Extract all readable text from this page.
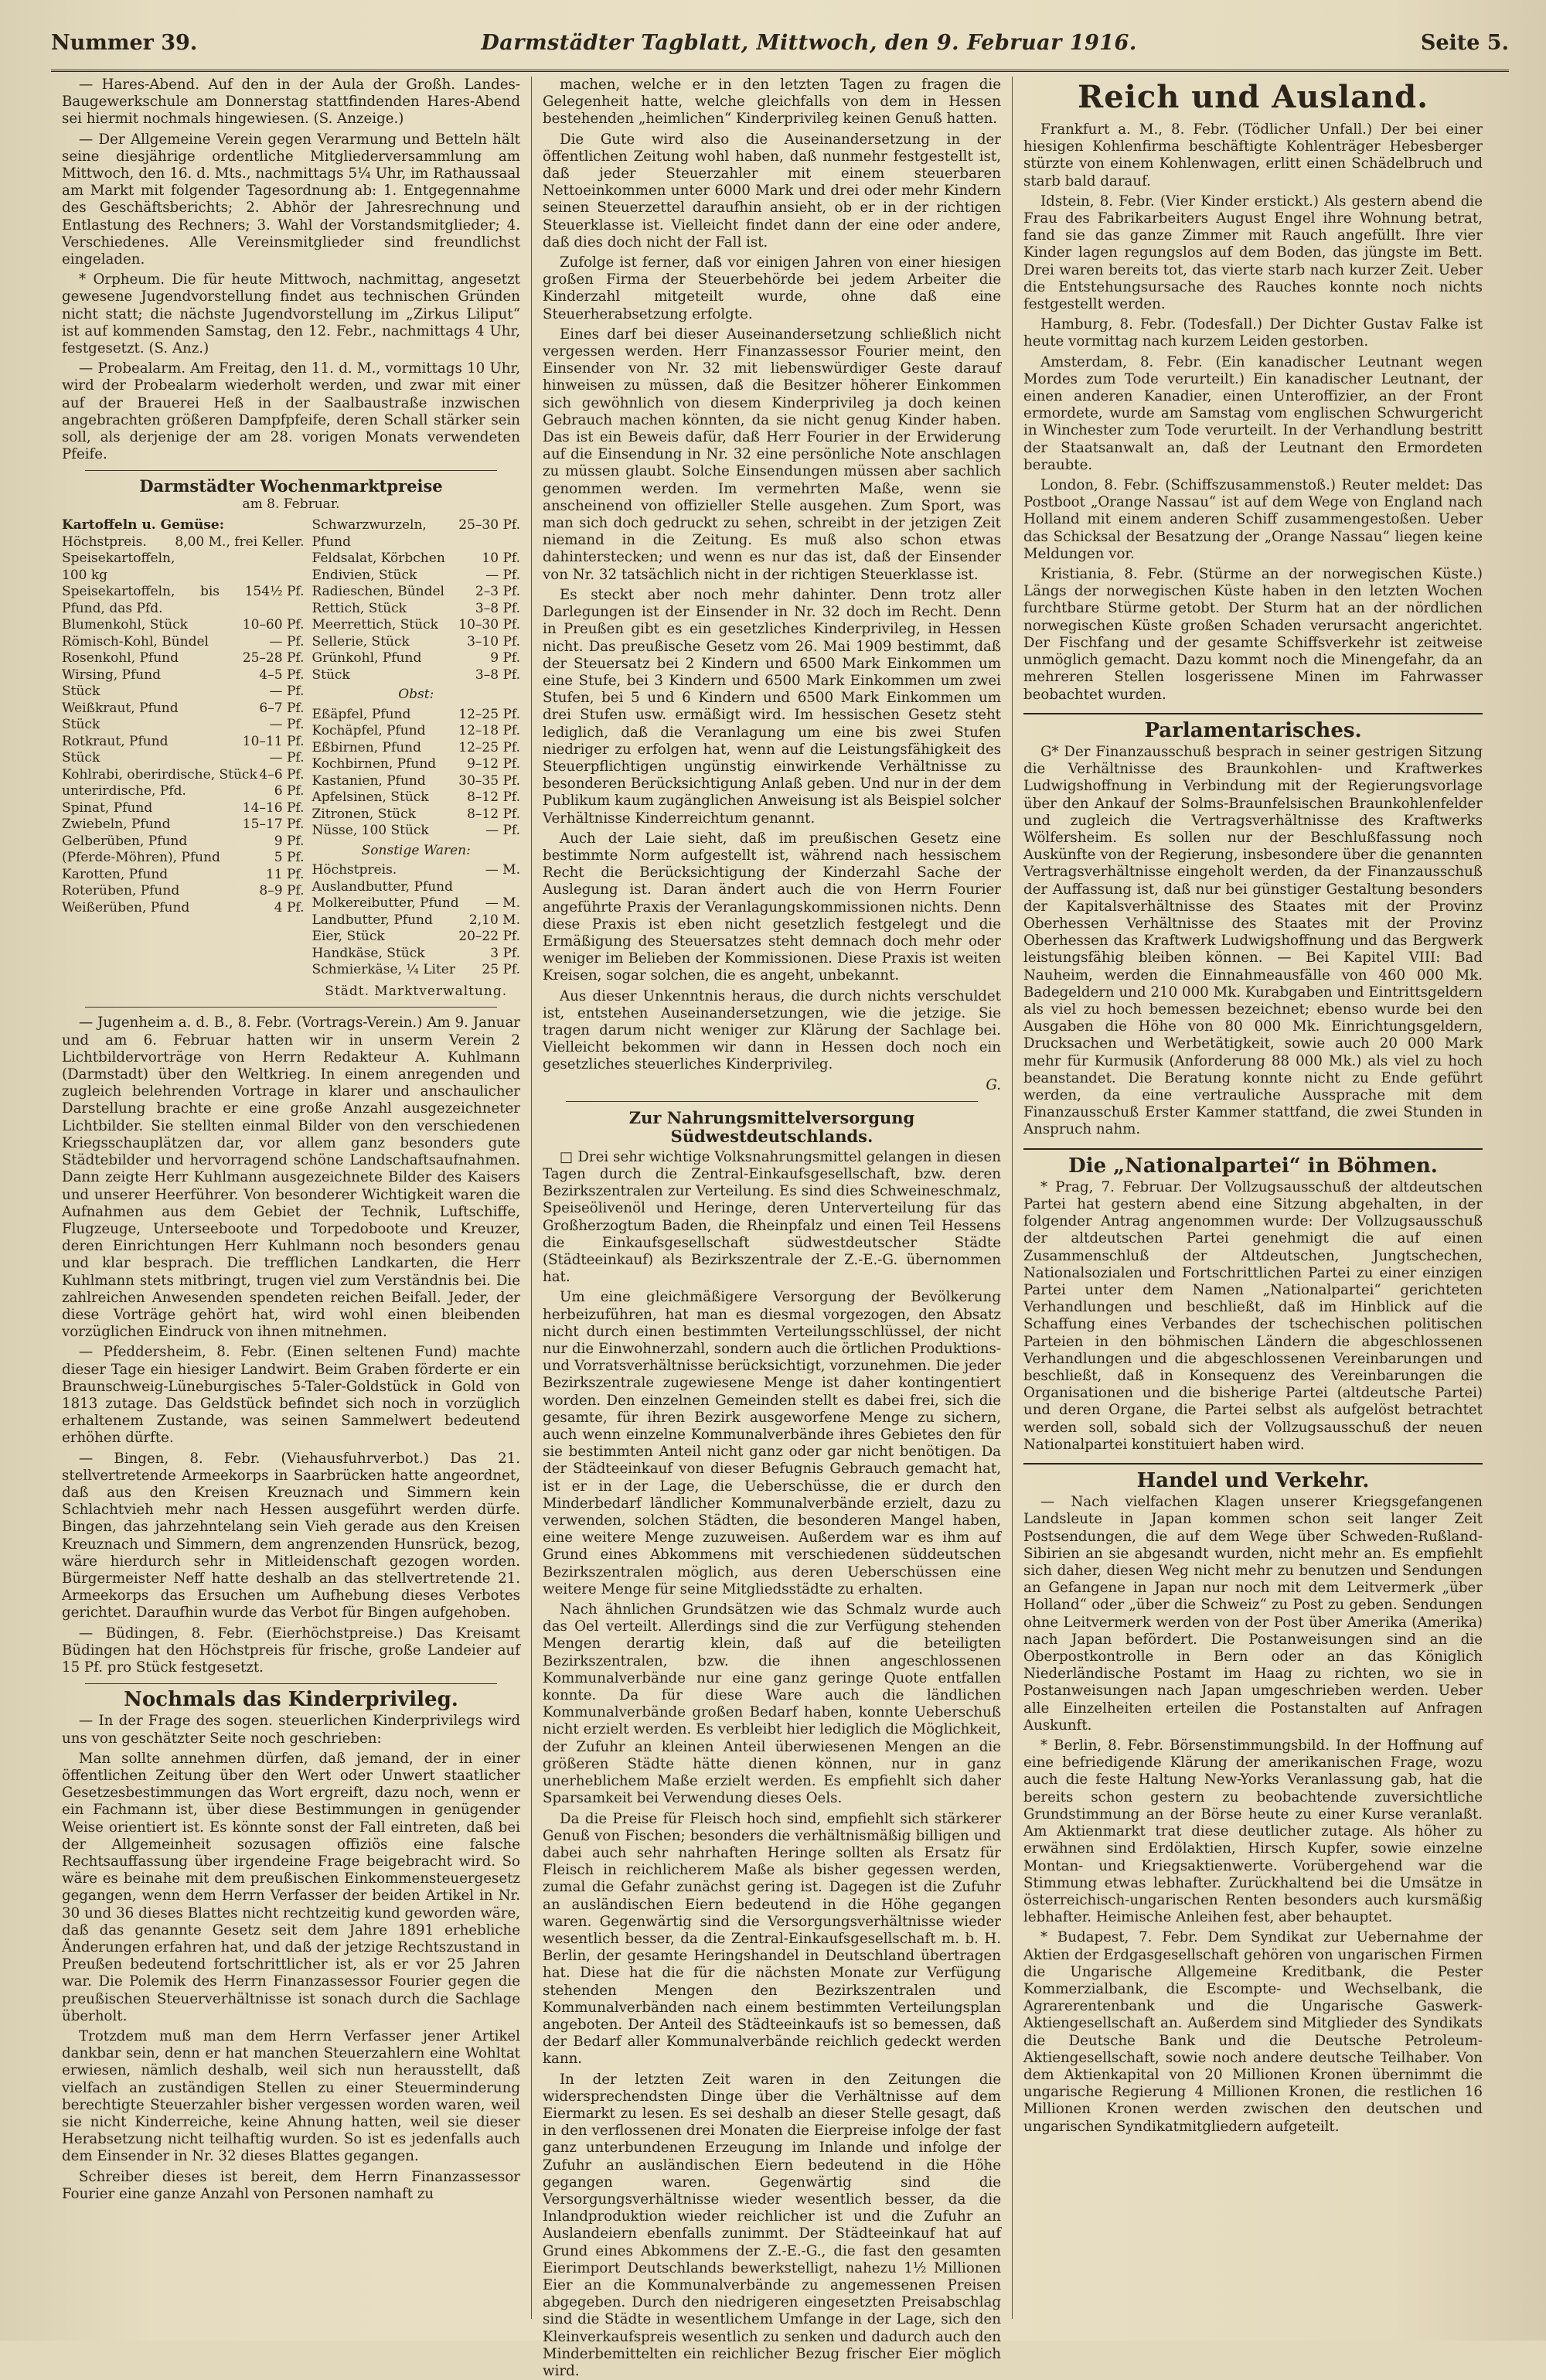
Nummer 39.	Darmstädter Tagblatt, Mittwoch, den 9. Februar 1916.	Seite 5.

— Hares-Abend. Auf den in der Aula der Großh. Landes-Baugewerkschule am Donnerstag stattfindenden Hares-Abend sei hiermit nochmals hingewiesen. (S. Anzeige.)

— Der Allgemeine Verein gegen Verarmung und Betteln hält seine diesjährige ordentliche Mitgliederversammlung am Mittwoch, den 16. d. Mts., nachmittags 5¼ Uhr, im Rathaussaal am Markt mit folgender Tagesordnung ab: 1. Entgegennahme des Geschäftsberichts; 2. Abhör der Jahresrechnung und Entlastung des Rechners; 3. Wahl der Vorstandsmitglieder; 4. Verschiedenes. Alle Vereinsmitglieder sind freundlichst eingeladen.

* Orpheum. Die für heute Mittwoch, nachmittag, angesetzt gewesene Jugendvorstellung findet aus technischen Gründen nicht statt; die nächste Jugendvorstellung im „Zirkus Liliput“ ist auf kommenden Samstag, den 12. Febr., nachmittags 4 Uhr, festgesetzt. (S. Anz.)

— Probealarm. Am Freitag, den 11. d. M., vormittags 10 Uhr, wird der Probealarm wiederholt werden, und zwar mit einer auf der Brauerei Heß in der Saalbaustraße inzwischen angebrachten größeren Dampfpfeife, deren Schall stärker sein soll, als derjenige der am 28. vorigen Monats verwendeten Pfeife.

Darmstädter Wochenmarktpreise
am 8. Februar.
Kartoffeln u. Gemüse:
Höchstpreis. Speisekartoffeln, 100 kg
8,00 M., frei Keller.
Speisekartoffeln, bis 15 Pfund, das Pfd.
4½ Pf.
Blumenkohl, Stück	10–60 Pf.
Römisch-Kohl, Bündel	— Pf.
Rosenkohl, Pfund	25–28 Pf.
Wirsing, Pfund	4–5 Pf.
Stück	— Pf.
Weißkraut, Pfund	6–7 Pf.
Stück	— Pf.
Rotkraut, Pfund	10–11 Pf.
Stück	— Pf.
Kohlrabi, oberirdische, Stück 4–6 Pf.
unterirdische, Pfd.	6 Pf.
Spinat, Pfund	14–16 Pf.
Zwiebeln, Pfund	15–17 Pf.
Gelberüben, Pfund	9 Pf.
(Pferde-Möhren), Pfund	5 Pf.
Karotten, Pfund	11 Pf.
Roterüben, Pfund	8–9 Pf.
Weißerüben, Pfund	4 Pf.
Schwarzwurzeln, Pfund
25–30 Pf.
Feldsalat, Körbchen	10 Pf.
Endivien, Stück	— Pf.
Radieschen, Bündel 2–3 Pf.
Rettich, Stück	3–8 Pf.
Meerrettich, Stück 10–30 Pf.
Sellerie, Stück	3–10 Pf.
Grünkohl, Pfund	9 Pf.
Stück	3–8 Pf.
Obst:
Eßäpfel, Pfund	12–25 Pf.
Kochäpfel, Pfund	12–18 Pf.
Eßbirnen, Pfund	12–25 Pf.
Kochbirnen, Pfund 9–12 Pf.
Kastanien, Pfund	30–35 Pf.
Apfelsinen, Stück	8–12 Pf.
Zitronen, Stück	8–12 Pf.
Nüsse, 100 Stück	— Pf.
Sonstige Waren:
Höchstpreis. Auslandbutter, Pfund
— M.
Molkereibutter, Pfund — M.
Landbutter, Pfund	2,10 M.
Eier, Stück	20–22 Pf.
Handkäse, Stück	3 Pf.
Schmierkäse, ¼ Liter 25 Pf.
Städt. Marktverwaltung.

— Jugenheim a. d. B., 8. Febr. (Vortrags-Verein.) Am 9. Januar und am 6. Februar hatten wir in unserm Verein 2 Lichtbildervorträge von Herrn Redakteur A. Kuhlmann (Darmstadt) über den Weltkrieg. In einem anregenden und zugleich belehrenden Vortrage in klarer und anschaulicher Darstellung brachte er eine große Anzahl ausgezeichneter Lichtbilder. Sie stellten einmal Bilder von den verschiedenen Kriegsschauplätzen dar, vor allem ganz besonders gute Städtebilder und hervorragend schöne Landschaftsaufnahmen. Dann zeigte Herr Kuhlmann ausgezeichnete Bilder des Kaisers und unserer Heerführer. Von besonderer Wichtigkeit waren die Aufnahmen aus dem Gebiet der Technik, Luftschiffe, Flugzeuge, Unterseeboote und Torpedoboote und Kreuzer, deren Einrichtungen Herr Kuhlmann noch besonders genau und klar besprach. Die trefflichen Landkarten, die Herr Kuhlmann stets mitbringt, trugen viel zum Verständnis bei. Die zahlreichen Anwesenden spendeten reichen Beifall. Jeder, der diese Vorträge gehört hat, wird wohl einen bleibenden vorzüglichen Eindruck von ihnen mitnehmen.

— Pfeddersheim, 8. Febr. (Einen seltenen Fund) machte dieser Tage ein hiesiger Landwirt. Beim Graben förderte er ein Braunschweig-Lüneburgisches 5-Taler-Goldstück in Gold von 1813 zutage. Das Geldstück befindet sich noch in vorzüglich erhaltenem Zustande, was seinen Sammelwert bedeutend erhöhen dürfte.

— Bingen, 8. Febr. (Viehausfuhrverbot.) Das 21. stellvertretende Armeekorps in Saarbrücken hatte angeordnet, daß aus den Kreisen Kreuznach und Simmern kein Schlachtvieh mehr nach Hessen ausgeführt werden dürfe. Bingen, das jahrzehntelang sein Vieh gerade aus den Kreisen Kreuznach und Simmern, dem angrenzenden Hunsrück, bezog, wäre hierdurch sehr in Mitleidenschaft gezogen worden. Bürgermeister Neff hatte deshalb an das stellvertretende 21. Armeekorps das Ersuchen um Aufhebung dieses Verbotes gerichtet. Daraufhin wurde das Verbot für Bingen aufgehoben.

— Büdingen, 8. Febr. (Eierhöchstpreise.) Das Kreisamt Büdingen hat den Höchstpreis für frische, große Landeier auf 15 Pf. pro Stück festgesetzt.

Nochmals das Kinderprivileg.

— In der Frage des sogen. steuerlichen Kinderprivilegs wird uns von geschätzter Seite noch geschrieben:

Man sollte annehmen dürfen, daß jemand, der in einer öffentlichen Zeitung über den Wert oder Unwert staatlicher Gesetzesbestimmungen das Wort ergreift, dazu noch, wenn er ein Fachmann ist, über diese Bestimmungen in genügender Weise orientiert ist. Es könnte sonst der Fall eintreten, daß bei der Allgemeinheit sozusagen offiziös eine falsche Rechtsauffassung über irgendeine Frage beigebracht wird. So wäre es beinahe mit dem preußischen Einkommensteuergesetz gegangen, wenn dem Herrn Verfasser der beiden Artikel in Nr. 30 und 36 dieses Blattes nicht rechtzeitig kund geworden wäre, daß das genannte Gesetz seit dem Jahre 1891 erhebliche Änderungen erfahren hat, und daß der jetzige Rechtszustand in Preußen bedeutend fortschrittlicher ist, als er vor 25 Jahren war. Die Polemik des Herrn Finanzassessor Fourier gegen die preußischen Steuerverhältnisse ist sonach durch die Sachlage überholt.

Trotzdem muß man dem Herrn Verfasser jener Artikel dankbar sein, denn er hat manchen Steuerzahlern eine Wohltat erwiesen, nämlich deshalb, weil sich nun herausstellt, daß vielfach an zuständigen Stellen zu einer Steuerminderung berechtigte Steuerzahler bisher vergessen worden waren, weil sie nicht Kinderreiche, keine Ahnung hatten, weil sie dieser Herabsetzung nicht teilhaftig wurden. So ist es jedenfalls auch dem Einsender in Nr. 32 dieses Blattes gegangen.

Schreiber dieses ist bereit, dem Herrn Finanzassessor Fourier eine ganze Anzahl von Personen namhaft zu

machen, welche er in den letzten Tagen zu fragen die Gelegenheit hatte, welche gleichfalls von dem in Hessen bestehenden „heimlichen“ Kinderprivileg keinen Genuß hatten.

Die Gute wird also die Auseinandersetzung in der öffentlichen Zeitung wohl haben, daß nunmehr festgestellt ist, daß jeder Steuerzahler mit einem steuerbaren Nettoeinkommen unter 6000 Mark und drei oder mehr Kindern seinen Steuerzettel daraufhin ansieht, ob er in der richtigen Steuerklasse ist. Vielleicht findet dann der eine oder andere, daß dies doch nicht der Fall ist.

Zufolge ist ferner, daß vor einigen Jahren von einer hiesigen großen Firma der Steuerbehörde bei jedem Arbeiter die Kinderzahl mitgeteilt wurde, ohne daß eine Steuerherabsetzung erfolgte.

Eines darf bei dieser Auseinandersetzung schließlich nicht vergessen werden. Herr Finanzassessor Fourier meint, den Einsender von Nr. 32 mit liebenswürdiger Geste darauf hinweisen zu müssen, daß die Besitzer höherer Einkommen sich gewöhnlich von diesem Kinderprivileg ja doch keinen Gebrauch machen könnten, da sie nicht genug Kinder haben. Das ist ein Beweis dafür, daß Herr Fourier in der Erwiderung auf die Einsendung in Nr. 32 eine persönliche Note anschlagen zu müssen glaubt. Solche Einsendungen müssen aber sachlich genommen werden. Im vermehrten Maße, wenn sie anscheinend von offizieller Stelle ausgehen. Zum Sport, was man sich doch gedruckt zu sehen, schreibt in der jetzigen Zeit niemand in die Zeitung. Es muß also schon etwas dahinterstecken; und wenn es nur das ist, daß der Einsender von Nr. 32 tatsächlich nicht in der richtigen Steuerklasse ist.

Es steckt aber noch mehr dahinter. Denn trotz aller Darlegungen ist der Einsender in Nr. 32 doch im Recht. Denn in Preußen gibt es ein gesetzliches Kinderprivileg, in Hessen nicht. Das preußische Gesetz vom 26. Mai 1909 bestimmt, daß der Steuersatz bei 2 Kindern und 6500 Mark Einkommen um eine Stufe, bei 3 Kindern und 6500 Mark Einkommen um zwei Stufen, bei 5 und 6 Kindern und 6500 Mark Einkommen um drei Stufen usw. ermäßigt wird. Im hessischen Gesetz steht lediglich, daß die Veranlagung um eine bis zwei Stufen niedriger zu erfolgen hat, wenn auf die Leistungsfähigkeit des Steuerpflichtigen ungünstig einwirkende Verhältnisse zu besonderen Berücksichtigung Anlaß geben. Und nur in der dem Publikum kaum zugänglichen Anweisung ist als Beispiel solcher Verhältnisse Kinderreichtum genannt.

Auch der Laie sieht, daß im preußischen Gesetz eine bestimmte Norm aufgestellt ist, während nach hessischem Recht die Berücksichtigung der Kinderzahl Sache der Auslegung ist. Daran ändert auch die von Herrn Fourier angeführte Praxis der Veranlagungskommissionen nichts. Denn diese Praxis ist eben nicht gesetzlich festgelegt und die Ermäßigung des Steuersatzes steht demnach doch mehr oder weniger im Belieben der Kommissionen. Diese Praxis ist weiten Kreisen, sogar solchen, die es angeht, unbekannt.

Aus dieser Unkenntnis heraus, die durch nichts verschuldet ist, entstehen Auseinandersetzungen, wie die jetzige. Sie tragen darum nicht weniger zur Klärung der Sachlage bei. Vielleicht bekommen wir dann in Hessen doch noch ein gesetzliches steuerliches Kinderprivileg.

G.
Zur Nahrungsmittelversorgung Südwestdeutschlands.

□ Drei sehr wichtige Volksnahrungsmittel gelangen in diesen Tagen durch die Zentral-Einkaufsgesellschaft, bzw. deren Bezirkszentralen zur Verteilung. Es sind dies Schweineschmalz, Speiseölivenöl und Heringe, deren Unterverteilung für das Großherzogtum Baden, die Rheinpfalz und einen Teil Hessens die Einkaufsgesellschaft südwestdeutscher Städte (Städteeinkauf) als Bezirkszentrale der Z.-E.-G. übernommen hat.

Um eine gleichmäßigere Versorgung der Bevölkerung herbeizuführen, hat man es diesmal vorgezogen, den Absatz nicht durch einen bestimmten Verteilungsschlüssel, der nicht nur die Einwohnerzahl, sondern auch die örtlichen Produktions- und Vorratsverhältnisse berücksichtigt, vorzunehmen. Die jeder Bezirkszentrale zugewiesene Menge ist daher kontingentiert worden. Den einzelnen Gemeinden stellt es dabei frei, sich die gesamte, für ihren Bezirk ausgeworfene Menge zu sichern, auch wenn einzelne Kommunalverbände ihres Gebietes den für sie bestimmten Anteil nicht ganz oder gar nicht benötigen. Da der Städteeinkauf von dieser Befugnis Gebrauch gemacht hat, ist er in der Lage, die Ueberschüsse, die er durch den Minderbedarf ländlicher Kommunalverbände erzielt, dazu zu verwenden, solchen Städten, die besonderen Mangel haben, eine weitere Menge zuzuweisen. Außerdem war es ihm auf Grund eines Abkommens mit verschiedenen süddeutschen Bezirkszentralen möglich, aus deren Ueberschüssen eine weitere Menge für seine Mitgliedsstädte zu erhalten.

Nach ähnlichen Grundsätzen wie das Schmalz wurde auch das Oel verteilt. Allerdings sind die zur Verfügung stehenden Mengen derartig klein, daß auf die beteiligten Bezirkszentralen, bzw. die ihnen angeschlossenen Kommunalverbände nur eine ganz geringe Quote entfallen konnte. Da für diese Ware auch die ländlichen Kommunalverbände großen Bedarf haben, konnte Ueberschuß nicht erzielt werden. Es verbleibt hier lediglich die Möglichkeit, der Zufuhr an kleinen Anteil überwiesenen Mengen an die größeren Städte hätte dienen können, nur in ganz unerheblichem Maße erzielt werden. Es empfiehlt sich daher Sparsamkeit bei Verwendung dieses Oels.

Da die Preise für Fleisch hoch sind, empfiehlt sich stärkerer Genuß von Fischen; besonders die verhältnismäßig billigen und dabei auch sehr nahrhaften Heringe sollten als Ersatz für Fleisch in reichlicherem Maße als bisher gegessen werden, zumal die Gefahr zunächst gering ist. Dagegen ist die Zufuhr an ausländischen Eiern bedeutend in die Höhe gegangen waren. Gegenwärtig sind die Versorgungsverhältnisse wieder wesentlich besser, da die Zentral-Einkaufsgesellschaft m. b. H. Berlin, der gesamte Heringshandel in Deutschland übertragen hat. Diese hat die für die nächsten Monate zur Verfügung stehenden Mengen den Bezirkszentralen und Kommunalverbänden nach einem bestimmten Verteilungsplan angeboten. Der Anteil des Städteeinkaufs ist so bemessen, daß der Bedarf aller Kommunalverbände reichlich gedeckt werden kann.

In der letzten Zeit waren in den Zeitungen die widersprechendsten Dinge über die Verhältnisse auf dem Eiermarkt zu lesen. Es sei deshalb an dieser Stelle gesagt, daß in den verflossenen drei Monaten die Eierpreise infolge der fast ganz unterbundenen Erzeugung im Inlande und infolge der Zufuhr an ausländischen Eiern bedeutend in die Höhe gegangen waren. Gegenwärtig sind die Versorgungsverhältnisse wieder wesentlich besser, da die Inlandproduktion wieder reichlicher ist und die Zufuhr an Auslandeiern ebenfalls zunimmt. Der Städteeinkauf hat auf Grund eines Abkommens der Z.-E.-G., die fast den gesamten Eierimport Deutschlands bewerkstelligt, nahezu 1½ Millionen Eier an die Kommunalverbände zu angemessenen Preisen abgegeben. Durch den niedrigeren eingesetzten Preisabschlag sind die Städte in wesentlichem Umfange in der Lage, sich den Kleinverkaufspreis wesentlich zu senken und dadurch auch den Minderbemittelten ein reichlicher Bezug frischer Eier möglich wird.

Reich und Ausland.

Frankfurt a. M., 8. Febr. (Tödlicher Unfall.) Der bei einer hiesigen Kohlenfirma beschäftigte Kohlenträger Hebesberger stürzte von einem Kohlenwagen, erlitt einen Schädelbruch und starb bald darauf.

Idstein, 8. Febr. (Vier Kinder erstickt.) Als gestern abend die Frau des Fabrikarbeiters August Engel ihre Wohnung betrat, fand sie das ganze Zimmer mit Rauch angefüllt. Ihre vier Kinder lagen regungslos auf dem Boden, das jüngste im Bett. Drei waren bereits tot, das vierte starb nach kurzer Zeit. Ueber die Entstehungsursache des Rauches konnte noch nichts festgestellt werden.

Hamburg, 8. Febr. (Todesfall.) Der Dichter Gustav Falke ist heute vormittag nach kurzem Leiden gestorben.

Amsterdam, 8. Febr. (Ein kanadischer Leutnant wegen Mordes zum Tode verurteilt.) Ein kanadischer Leutnant, der einen anderen Kanadier, einen Unteroffizier, an der Front ermordete, wurde am Samstag vom englischen Schwurgericht in Winchester zum Tode verurteilt. In der Verhandlung bestritt der Staatsanwalt an, daß der Leutnant den Ermordeten beraubte.

London, 8. Febr. (Schiffszusammenstoß.) Reuter meldet: Das Postboot „Orange Nassau“ ist auf dem Wege von England nach Holland mit einem anderen Schiff zusammengestoßen. Ueber das Schicksal der Besatzung der „Orange Nassau“ liegen keine Meldungen vor.

Kristiania, 8. Febr. (Stürme an der norwegischen Küste.) Längs der norwegischen Küste haben in den letzten Wochen furchtbare Stürme getobt. Der Sturm hat an der nördlichen norwegischen Küste großen Schaden verursacht angerichtet. Der Fischfang und der gesamte Schiffsverkehr ist zeitweise unmöglich gemacht. Dazu kommt noch die Minengefahr, da an mehreren Stellen losgerissene Minen im Fahrwasser beobachtet wurden.

Parlamentarisches.

G* Der Finanzausschuß besprach in seiner gestrigen Sitzung die Verhältnisse des Braunkohlen- und Kraftwerkes Ludwigshoffnung in Verbindung mit der Regierungsvorlage über den Ankauf der Solms-Braunfelsischen Braunkohlenfelder und zugleich die Vertragsverhältnisse des Kraftwerks Wölfersheim. Es sollen nur der Beschlußfassung noch Auskünfte von der Regierung, insbesondere über die genannten Vertragsverhältnisse eingeholt werden, da der Finanzausschuß der Auffassung ist, daß nur bei günstiger Gestaltung besonders der Kapitalsverhältnisse des Staates mit der Provinz Oberhessen Verhältnisse des Staates mit der Provinz Oberhessen das Kraftwerk Ludwigshoffnung und das Bergwerk leistungsfähig bleiben können. — Bei Kapitel VIII: Bad Nauheim, werden die Einnahmeausfälle von 460 000 Mk. Badegeldern und 210 000 Mk. Kurabgaben und Eintrittsgeldern als viel zu hoch bemessen bezeichnet; ebenso wurde bei den Ausgaben die Höhe von 80 000 Mk. Einrichtungsgeldern, Drucksachen und Werbetätigkeit, sowie auch 20 000 Mark mehr für Kurmusik (Anforderung 88 000 Mk.) als viel zu hoch beanstandet. Die Beratung konnte nicht zu Ende geführt werden, da eine vertrauliche Aussprache mit dem Finanzausschuß Erster Kammer stattfand, die zwei Stunden in Anspruch nahm.

Die „Nationalpartei“ in Böhmen.

* Prag, 7. Februar. Der Vollzugsausschuß der altdeutschen Partei hat gestern abend eine Sitzung abgehalten, in der folgender Antrag angenommen wurde: Der Vollzugsausschuß der altdeutschen Partei genehmigt die auf einen Zusammenschluß der Altdeutschen, Jungtschechen, Nationalsozialen und Fortschrittlichen Partei zu einer einzigen Partei unter dem Namen „Nationalpartei“ gerichteten Verhandlungen und beschließt, daß im Hinblick auf die Schaffung eines Verbandes der tschechischen politischen Parteien in den böhmischen Ländern die abgeschlossenen Verhandlungen und die abgeschlossenen Vereinbarungen und beschließt, daß in Konsequenz des Vereinbarungen die Organisationen und die bisherige Partei (altdeutsche Partei) und deren Organe, die Partei selbst als aufgelöst betrachtet werden soll, sobald sich der Vollzugsausschuß der neuen Nationalpartei konstituiert haben wird.

Handel und Verkehr.

— Nach vielfachen Klagen unserer Kriegsgefangenen Landsleute in Japan kommen schon seit langer Zeit Postsendungen, die auf dem Wege über Schweden-Rußland-Sibirien an sie abgesandt wurden, nicht mehr an. Es empfiehlt sich daher, diesen Weg nicht mehr zu benutzen und Sendungen an Gefangene in Japan nur noch mit dem Leitvermerk „über Holland“ oder „über die Schweiz“ zu Post zu geben. Sendungen ohne Leitvermerk werden von der Post über Amerika (Amerika) nach Japan befördert. Die Postanweisungen sind an die Oberpostkontrolle in Bern oder an das Königlich Niederländische Postamt im Haag zu richten, wo sie in Postanweisungen nach Japan umgeschrieben werden. Ueber alle Einzelheiten erteilen die Postanstalten auf Anfragen Auskunft.

* Berlin, 8. Febr. Börsenstimmungsbild. In der Hoffnung auf eine befriedigende Klärung der amerikanischen Frage, wozu auch die feste Haltung New-Yorks Veranlassung gab, hat die bereits schon gestern zu beobachtende zuversichtliche Grundstimmung an der Börse heute zu einer Kurse veranlaßt. Am Aktienmarkt trat diese deutlicher zutage. Als höher zu erwähnen sind Erdölaktien, Hirsch Kupfer, sowie einzelne Montan- und Kriegsaktienwerte. Vorübergehend war die Stimmung etwas lebhafter. Zurückhaltend bei die Umsätze in österreichisch-ungarischen Renten besonders auch kursmäßig lebhafter. Heimische Anleihen fest, aber behauptet.

* Budapest, 7. Febr. Dem Syndikat zur Uebernahme der Aktien der Erdgasgesellschaft gehören von ungarischen Firmen die Ungarische Allgemeine Kreditbank, die Pester Kommerzialbank, die Escompte- und Wechselbank, die Agrarerentenbank und die Ungarische Gaswerk-Aktiengesellschaft an. Außerdem sind Mitglieder des Syndikats die Deutsche Bank und die Deutsche Petroleum-Aktiengesellschaft, sowie noch andere deutsche Teilhaber. Von dem Aktienkapital von 20 Millionen Kronen übernimmt die ungarische Regierung 4 Millionen Kronen, die restlichen 16 Millionen Kronen werden zwischen den deutschen und ungarischen Syndikatmitgliedern aufgeteilt.
